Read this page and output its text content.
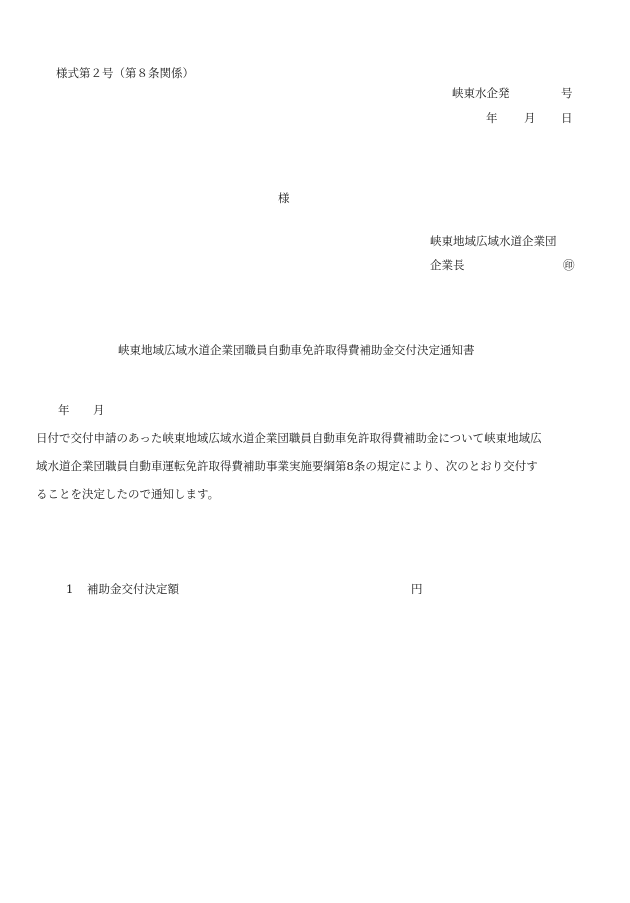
様式第２号（第８条関係）
峡東水企発	号
年 月 日
様
峡東地域広域水道企業団
企業長	㊞
峡東地域広域水道企業団職員自動車免許取得費補助金交付決定通知書
年 月
日付で交付申請のあった峡東地域広域水道企業団職員自動車免許取得費補助金について峡東地域広
域水道企業団職員自動車運転免許取得費補助事業実施要綱第8条の規定により、次のとおり交付す
ることを決定したので通知します。
1 補助金交付決定額	円
